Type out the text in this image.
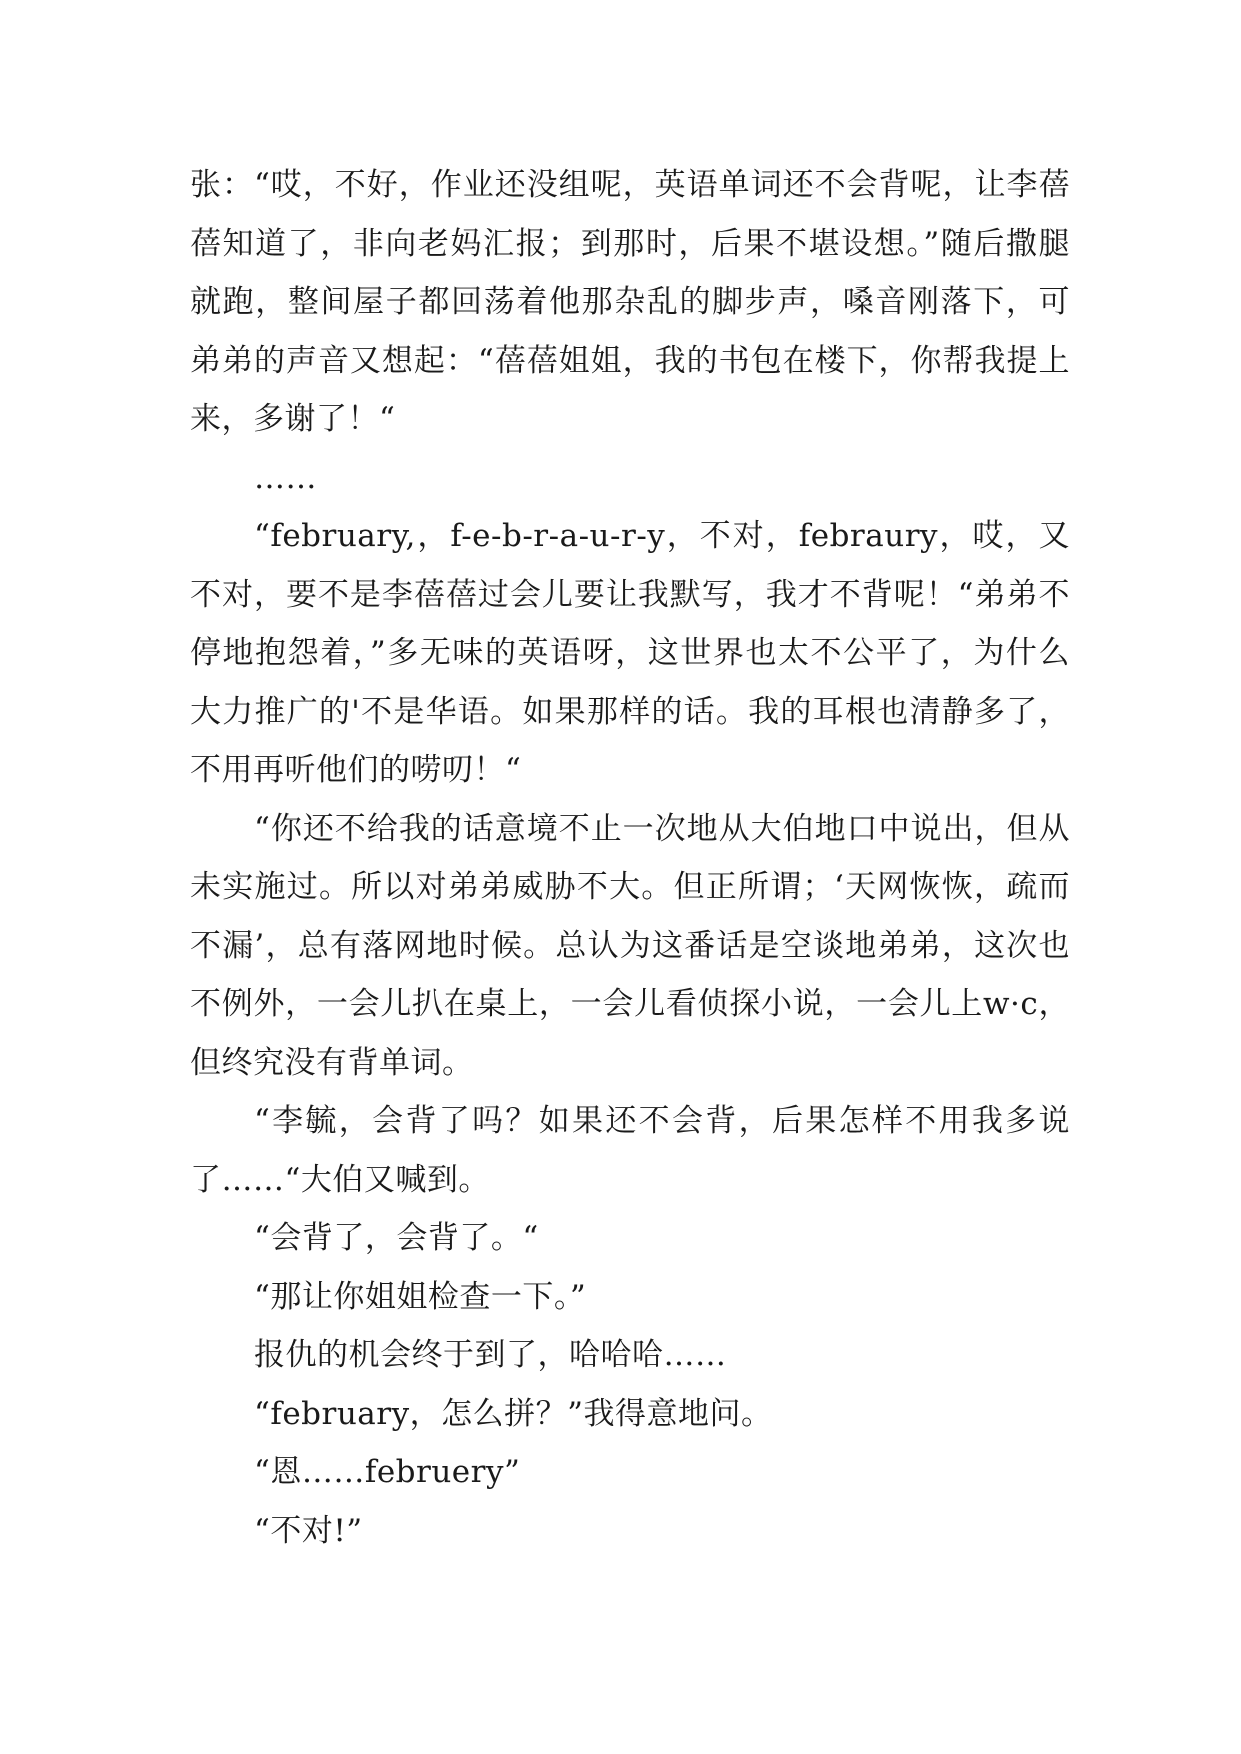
张：“哎，不好，作业还没组呢，英语单词还不会背呢，让李蓓蓓知道了，非向老妈汇报；到那时，后果不堪设想。”随后撒腿就跑，整间屋子都回荡着他那杂乱的脚步声，嗓音刚落下，可弟弟的声音又想起：“蓓蓓姐姐，我的书包在楼下，你帮我提上来，多谢了！“

……

“february,，f-e-b-r-a-u-r-y，不对，febraury，哎，又不对，要不是李蓓蓓过会儿要让我默写，我才不背呢！“弟弟不停地抱怨着，”多无味的英语呀，这世界也太不公平了，为什么大力推广的'不是华语。如果那样的话。我的耳根也清静多了，不用再听他们的唠叨！“

“你还不给我的话意境不止一次地从大伯地口中说出，但从未实施过。所以对弟弟威胁不大。但正所谓；‘天网恢恢，疏而不漏’，总有落网地时候。总认为这番话是空谈地弟弟，这次也不例外，一会儿扒在桌上，一会儿看侦探小说，一会儿上w·c，但终究没有背单词。

“李毓，会背了吗？如果还不会背，后果怎样不用我多说了……“大伯又喊到。

“会背了，会背了。“

“那让你姐姐检查一下。”

报仇的机会终于到了，哈哈哈……

“february，怎么拼？”我得意地问。

“恩……februery”

“不对!”
